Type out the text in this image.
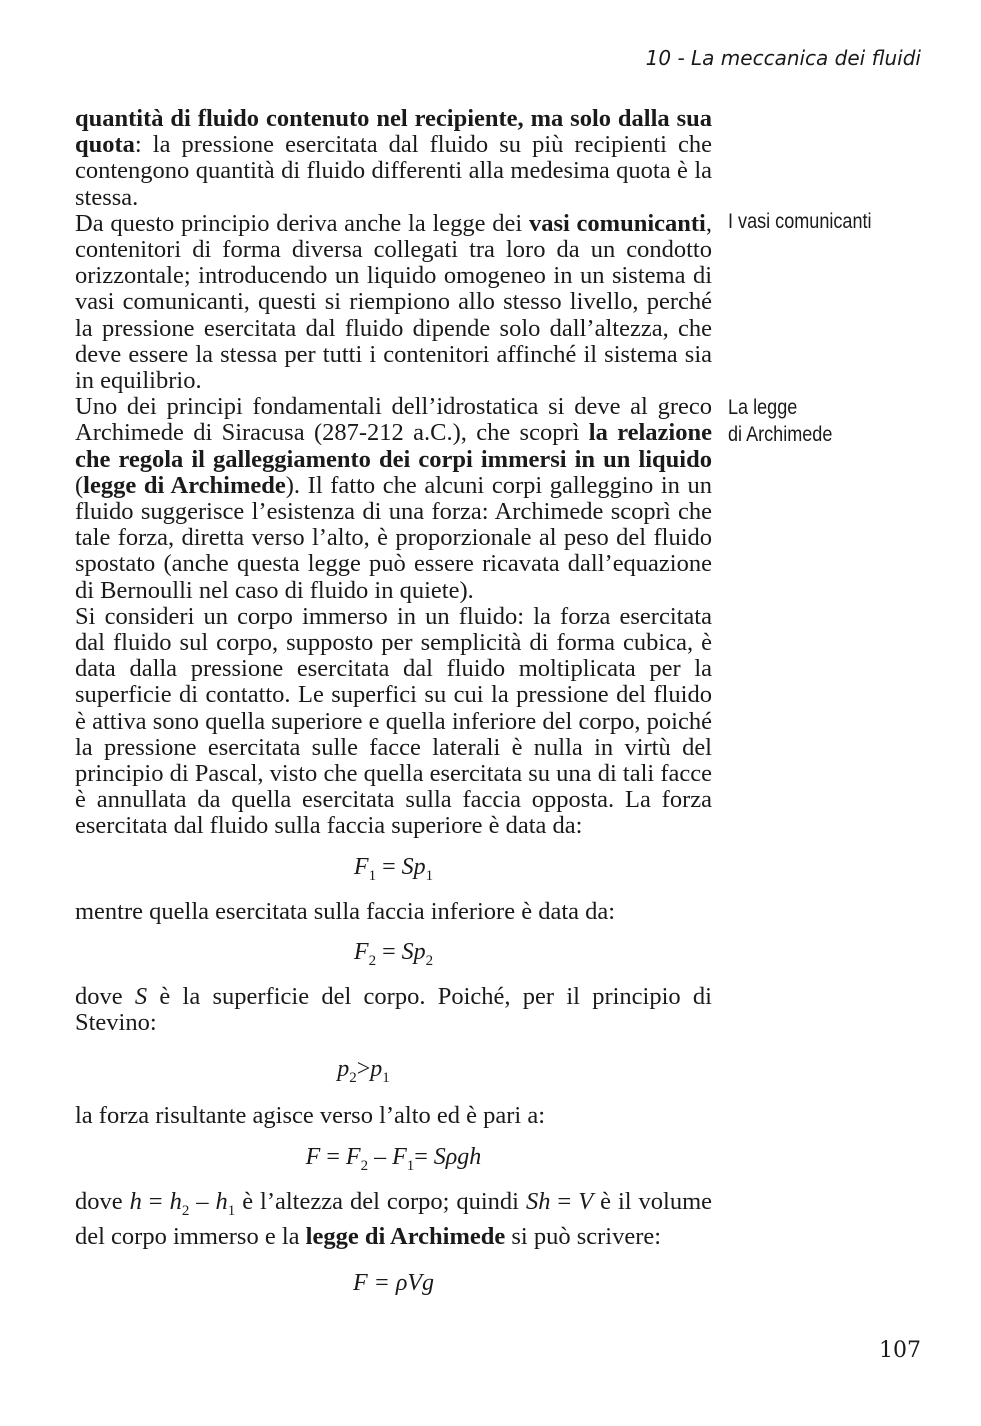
10 - La meccanica dei fluidi
I vasi comunicanti
La legge
di Archimede

quantità di fluido contenuto nel recipiente, ma solo dalla sua quota: la pressione esercitata dal fluido su più recipienti che contengono quantità di fluido differenti alla medesima quota è la stessa.

Da questo principio deriva anche la legge dei vasi comunicanti, contenitori di forma diversa collegati tra loro da un condotto orizzontale; introducendo un liquido omogeneo in un sistema di vasi comunicanti, questi si riempiono allo stesso livello, perché la pressione esercitata dal fluido dipende solo dall’altezza, che deve essere la stessa per tutti i contenitori affinché il sistema sia in equilibrio.

Uno dei principi fondamentali dell’idrostatica si deve al greco Archimede di Siracusa (287-212 a.C.), che scoprì la relazione che regola il galleggiamento dei corpi immersi in un liquido (legge di Archimede). Il fatto che alcuni corpi galleggino in un fluido suggerisce l’esistenza di una forza: Archimede scoprì che tale forza, diretta verso l’alto, è proporzionale al peso del fluido spostato (anche questa legge può essere ricavata dall’equazione di Bernoulli nel caso di fluido in quiete).

Si consideri un corpo immerso in un fluido: la forza esercitata dal fluido sul corpo, supposto per semplicità di forma cubica, è data dalla pressione esercitata dal fluido moltiplicata per la superficie di contatto. Le superfici su cui la pressione del fluido è attiva sono quella superiore e quella inferiore del corpo, poiché la pressione esercitata sulle facce laterali è nulla in virtù del principio di Pascal, visto che quella esercitata su una di tali facce è annullata da quella esercitata sulla faccia opposta. La forza esercitata dal fluido sulla faccia superiore è data da:

$F_1 = Sp_1$

mentre quella esercitata sulla faccia inferiore è data da:

$F_2 = Sp_2$

dove S è la superficie del corpo. Poiché, per il principio di Stevino:

$p_2>p_1$

la forza risultante agisce verso l’alto ed è pari a:

$F = F_2 - F_1= S\rho gh$

dove $h = h_2 - h_1$ è l’altezza del corpo; quindi Sh = V è il volume del corpo immerso e la legge di Archimede si può scrivere:

F = ρVg

107
